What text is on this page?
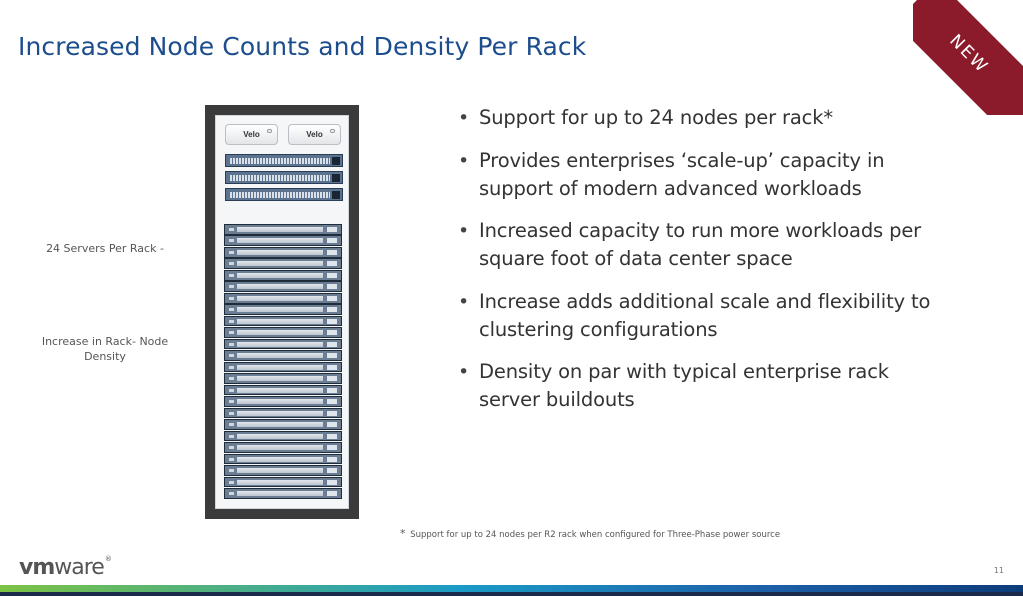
Increased Node Counts and Density Per Rack	NEW
24 Servers Per Rack -
Increase in Rack- Node Density
Velo	Velo
• Support for up to 24 nodes per rack*
• Provides enterprises ‘scale-up’ capacity in support of modern advanced workloads
• Increased capacity to run more workloads per square foot of data center space
• Increase adds additional scale and flexibility to clustering configurations
• Density on par with typical enterprise rack server buildouts
* Support for up to 24 nodes per R2 rack when configured for Three-Phase power source
vmware®
11
